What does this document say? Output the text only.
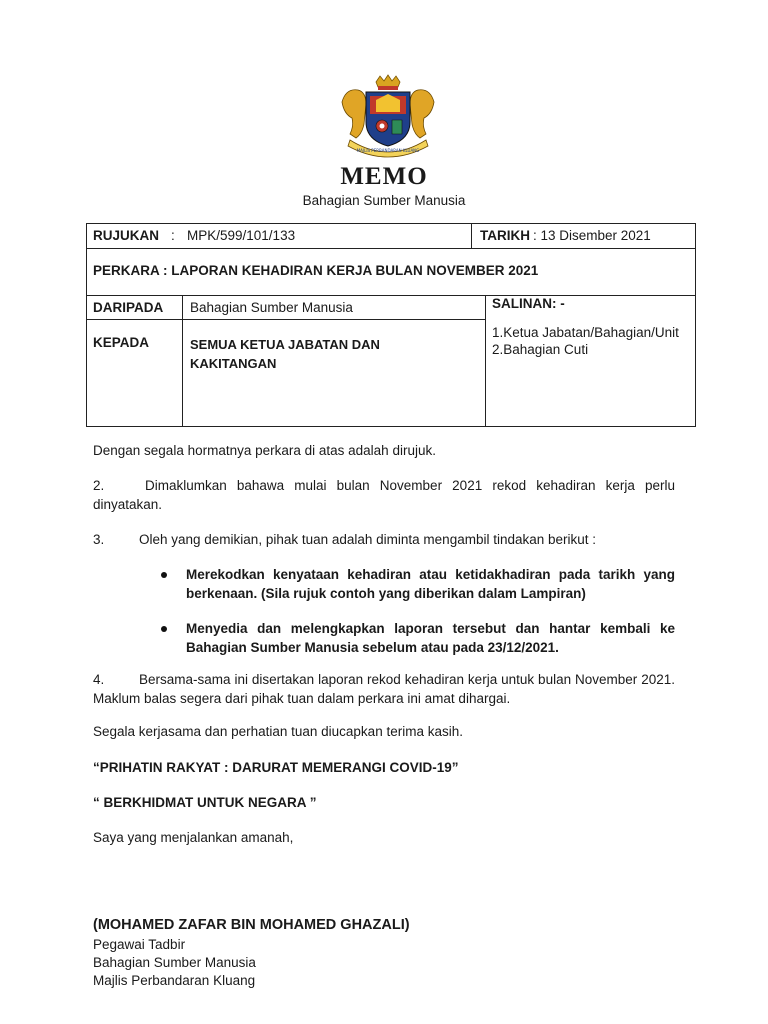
MAJLIS PERBANDARAN KLUANG
MEMO
Bahagian Sumber Manusia
RUJUKAN : MPK/599/101/133	TARIKH : 13 Disember 2021
PERKARA : LAPORAN KEHADIRAN KERJA BULAN NOVEMBER 2021
DARIPADA Bahagian Sumber Manusia
KEPADA	SEMUA KETUA JABATAN DAN
KAKITANGAN
SALINAN: -
1.Ketua Jabatan/Bahagian/Unit
2.Bahagian Cuti
Dengan segala hormatnya perkara di atas adalah dirujuk.
2.	Dimaklumkan bahawa mulai bulan November 2021 rekod kehadiran kerja perlu dinyatakan.
3.	Oleh yang demikian, pihak tuan adalah diminta mengambil tindakan berikut :
Merekodkan kenyataan kehadiran atau ketidakhadiran pada tarikh yang berkenaan. (Sila rujuk contoh yang diberikan dalam Lampiran)
Menyedia dan melengkapkan laporan tersebut dan hantar kembali ke Bahagian Sumber Manusia sebelum atau pada 23/12/2021.
4.	Bersama-sama ini disertakan laporan rekod kehadiran kerja untuk bulan November 2021. Maklum balas segera dari pihak tuan dalam perkara ini amat dihargai.
Segala kerjasama dan perhatian tuan diucapkan terima kasih.
“PRIHATIN RAKYAT : DARURAT MEMERANGI COVID-19”
“ BERKHIDMAT UNTUK NEGARA ”
Saya yang menjalankan amanah,
(MOHAMED ZAFAR BIN MOHAMED GHAZALI)
Pegawai Tadbir
Bahagian Sumber Manusia
Majlis Perbandaran Kluang
